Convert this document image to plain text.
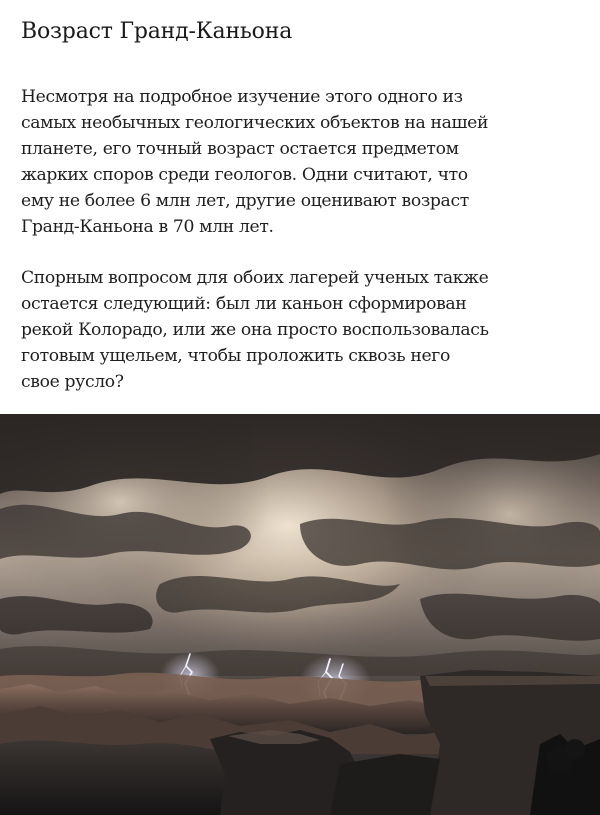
Возраст Гранд-Каньона
Несмотря на подробное изучение этого одного из
самых необычных геологических объектов на нашей
планете, его точный возраст остается предметом
жарких споров среди геологов. Одни считают, что
ему не более 6 млн лет, другие оценивают возраст
Гранд-Каньона в 70 млн лет.
Спорным вопросом для обоих лагерей ученых также
остается следующий: был ли каньон сформирован
рекой Колорадо, или же она просто воспользовалась
готовым ущельем, чтобы проложить сквозь него
свое русло?
